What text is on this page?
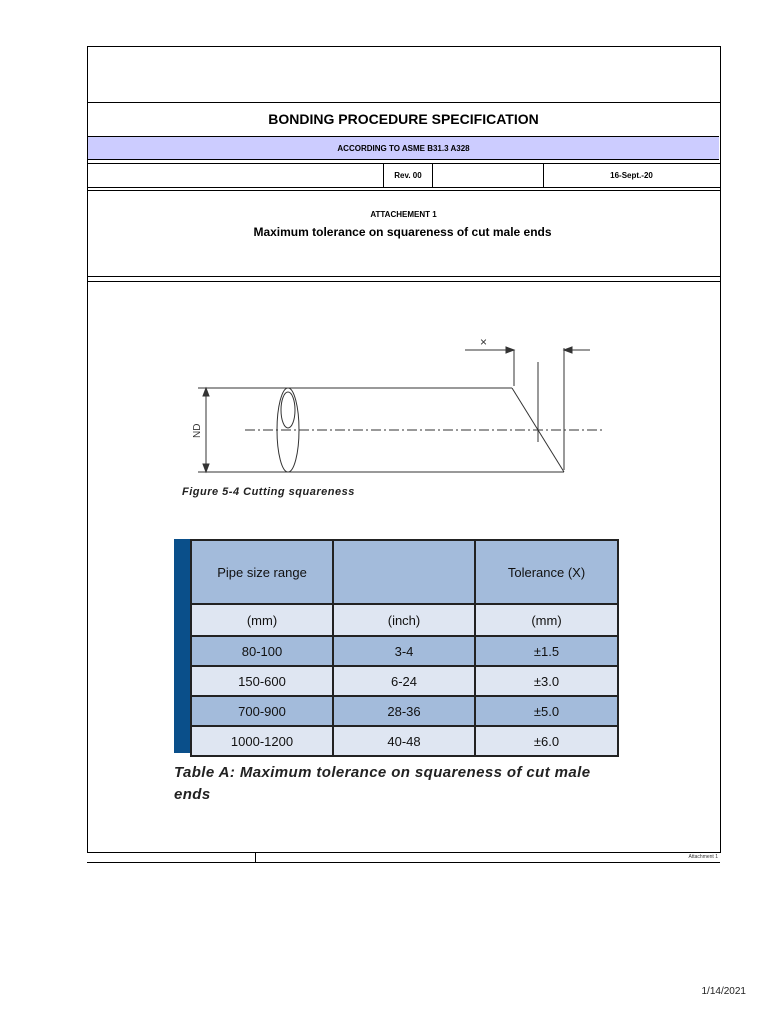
BONDING PROCEDURE SPECIFICATION
ACCORDING TO ASME B31.3 A328
Rev. 00	16-Sept.-20
ATTACHEMENT 1
Maximum tolerance on squareness of cut male ends
×
ND
Figure 5-4 Cutting squareness
Pipe size range		Tolerance (X)
(mm)	(inch)	(mm)
80-100	3-4	±1.5
150-600	6-24	±3.0
700-900	28-36	±5.0
1000-1200	40-48	±6.0
Table A: Maximum tolerance on squareness of cut male ends
Attachment 1
1/14/2021
